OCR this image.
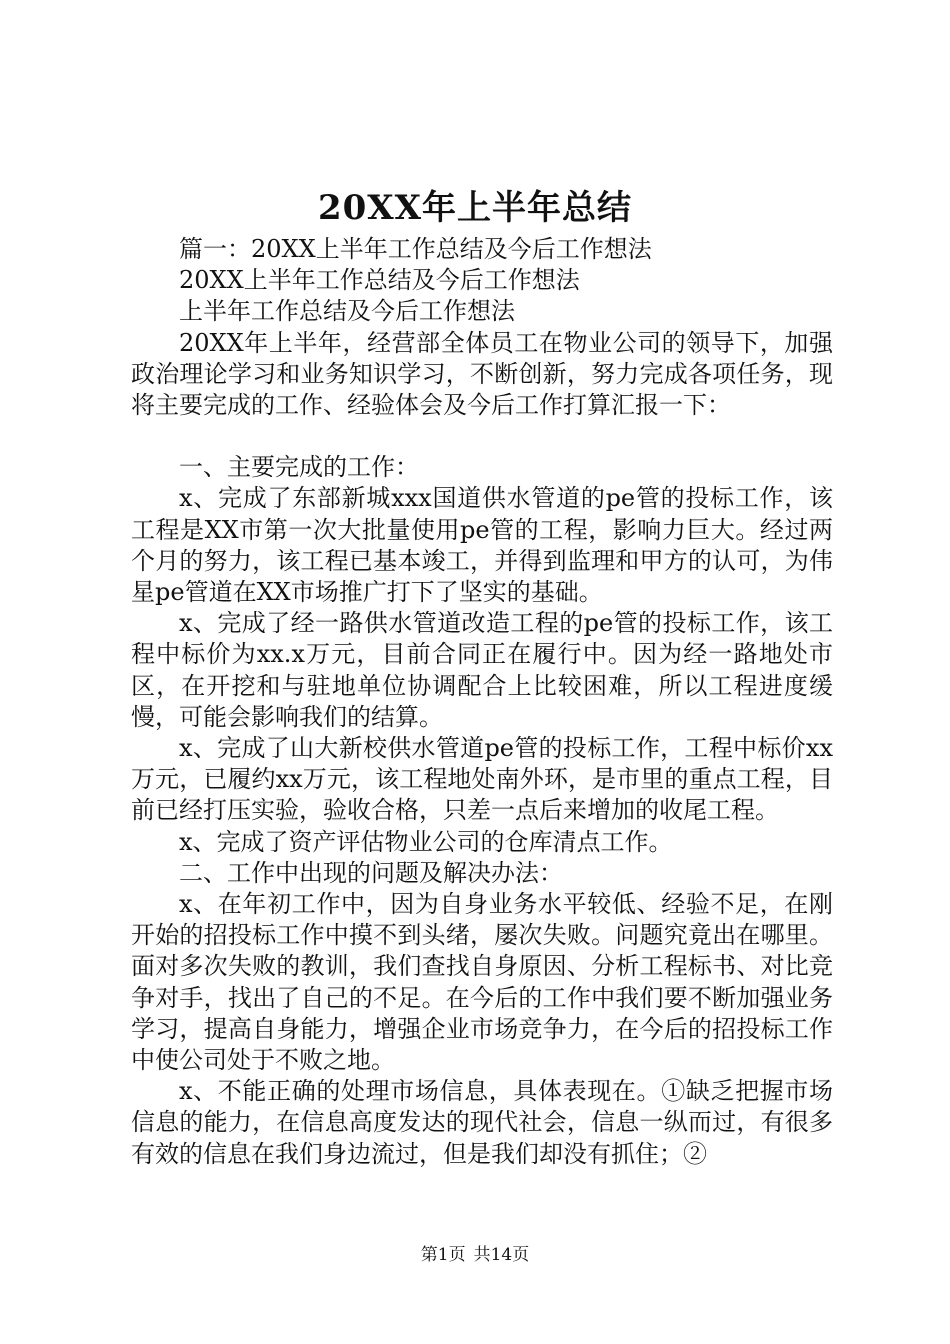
20XX年上半年总结

篇一：20XX上半年工作总结及今后工作想法

20XX上半年工作总结及今后工作想法

上半年工作总结及今后工作想法

20XX年上半年，经营部全体员工在物业公司的领导下，加强政治理论学习和业务知识学习，不断创新，努力完成各项任务，现将主要完成的工作、经验体会及今后工作打算汇报一下：

一、主要完成的工作：

x、完成了东部新城xxx国道供水管道的pe管的投标工作，该工程是XX市第一次大批量使用pe管的工程，影响力巨大。经过两个月的努力，该工程已基本竣工，并得到监理和甲方的认可，为伟星pe管道在XX市场推广打下了坚实的基础。

x、完成了经一路供水管道改造工程的pe管的投标工作，该工程中标价为xx.x万元，目前合同正在履行中。因为经一路地处市区，在开挖和与驻地单位协调配合上比较困难，所以工程进度缓慢，可能会影响我们的结算。

x、完成了山大新校供水管道pe管的投标工作，工程中标价xx万元，已履约xx万元，该工程地处南外环，是市里的重点工程，目前已经打压实验，验收合格，只差一点后来增加的收尾工程。

x、完成了资产评估物业公司的仓库清点工作。

二、工作中出现的问题及解决办法：

x、在年初工作中，因为自身业务水平较低、经验不足，在刚开始的招投标工作中摸不到头绪，屡次失败。问题究竟出在哪里。面对多次失败的教训，我们查找自身原因、分析工程标书、对比竞争对手，找出了自己的不足。在今后的工作中我们要不断加强业务学习，提高自身能力，增强企业市场竞争力，在今后的招投标工作中使公司处于不败之地。

x、不能正确的处理市场信息，具体表现在。①缺乏把握市场信息的能力，在信息高度发达的现代社会，信息一纵而过，有很多有效的信息在我们身边流过，但是我们却没有抓住；②

第1页 共14页
